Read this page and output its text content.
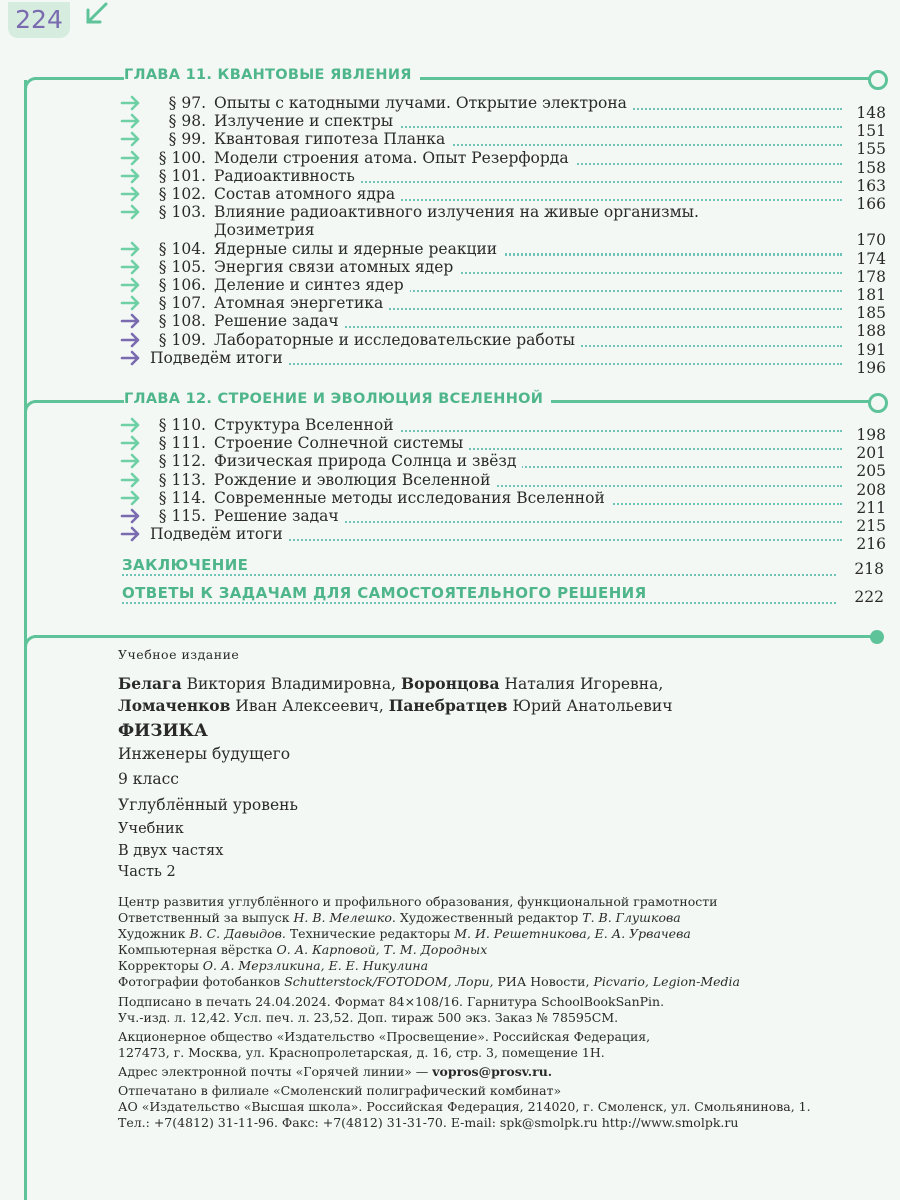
224
ГЛАВА 11. КВАНТОВЫЕ ЯВЛЕНИЯ
§ 97. Опыты с катодными лучами. Открытие электрона
148
§ 98. Излучение и спектры
151
§ 99. Квантовая гипотеза Планка
155
§ 100. Модели строения атома. Опыт Резерфорда
158
§ 101. Радиоактивность
163
§ 102. Состав атомного ядра
166
§ 103. Влияние радиоактивного излучения на живые организмы.
Дозиметрия
170
§ 104. Ядерные силы и ядерные реакции
174
§ 105. Энергия связи атомных ядер
178
§ 106. Деление и синтез ядер
181
§ 107. Атомная энергетика
185
§ 108. Решение задач
188
§ 109. Лабораторные и исследовательские работы
191
Подведём итоги
196
ГЛАВА 12. СТРОЕНИЕ И ЭВОЛЮЦИЯ ВСЕЛЕННОЙ
§ 110. Структура Вселенной
198
§ 111. Строение Солнечной системы
201
§ 112. Физическая природа Солнца и звёзд
205
§ 113. Рождение и эволюция Вселенной
208
§ 114. Современные методы исследования Вселенной
211
§ 115. Решение задач
215
Подведём итоги
216
ЗАКЛЮЧЕНИЕ	218
ОТВЕТЫ К ЗАДАЧАМ ДЛЯ САМОСТОЯТЕЛЬНОГО РЕШЕНИЯ	222
Учебное издание
Белага Виктория Владимировна, Воронцова Наталия Игоревна,
Ломаченков Иван Алексеевич, Панебратцев Юрий Анатольевич
ФИЗИКА
Инженеры будущего
9 класс
Углублённый уровень
Учебник
В двух частях
Часть 2
Центр развития углублённого и профильного образования, функциональной грамотности
Ответственный за выпуск Н. В. Мелешко. Художественный редактор Т. В. Глушкова
Художник В. С. Давыдов. Технические редакторы М. И. Решетникова, Е. А. Урвачева
Компьютерная вёрстка О. А. Карповой, Т. М. Дородных
Корректоры О. А. Мерзликина, Е. Е. Никулина
Фотографии фотобанков Schutterstock/FOTODOM, Лори, РИА Новости, Picvario, Legion-Media
Подписано в печать 24.04.2024. Формат 84×108/16. Гарнитура SchoolBookSanPin.
Уч.-изд. л. 12,42. Усл. печ. л. 23,52. Доп. тираж 500 экз. Заказ № 78595СМ.
Акционерное общество «Издательство «Просвещение». Российская Федерация,
127473, г. Москва, ул. Краснопролетарская, д. 16, стр. 3, помещение 1Н.
Адрес электронной почты «Горячей линии» — vopros@prosv.ru.
Отпечатано в филиале «Смоленский полиграфический комбинат»
АО «Издательство «Высшая школа». Российская Федерация, 214020, г. Смоленск, ул. Смольянинова, 1.
Тел.: +7(4812) 31-11-96. Факс: +7(4812) 31-31-70. E-mail: spk@smolpk.ru http://www.smolpk.ru
